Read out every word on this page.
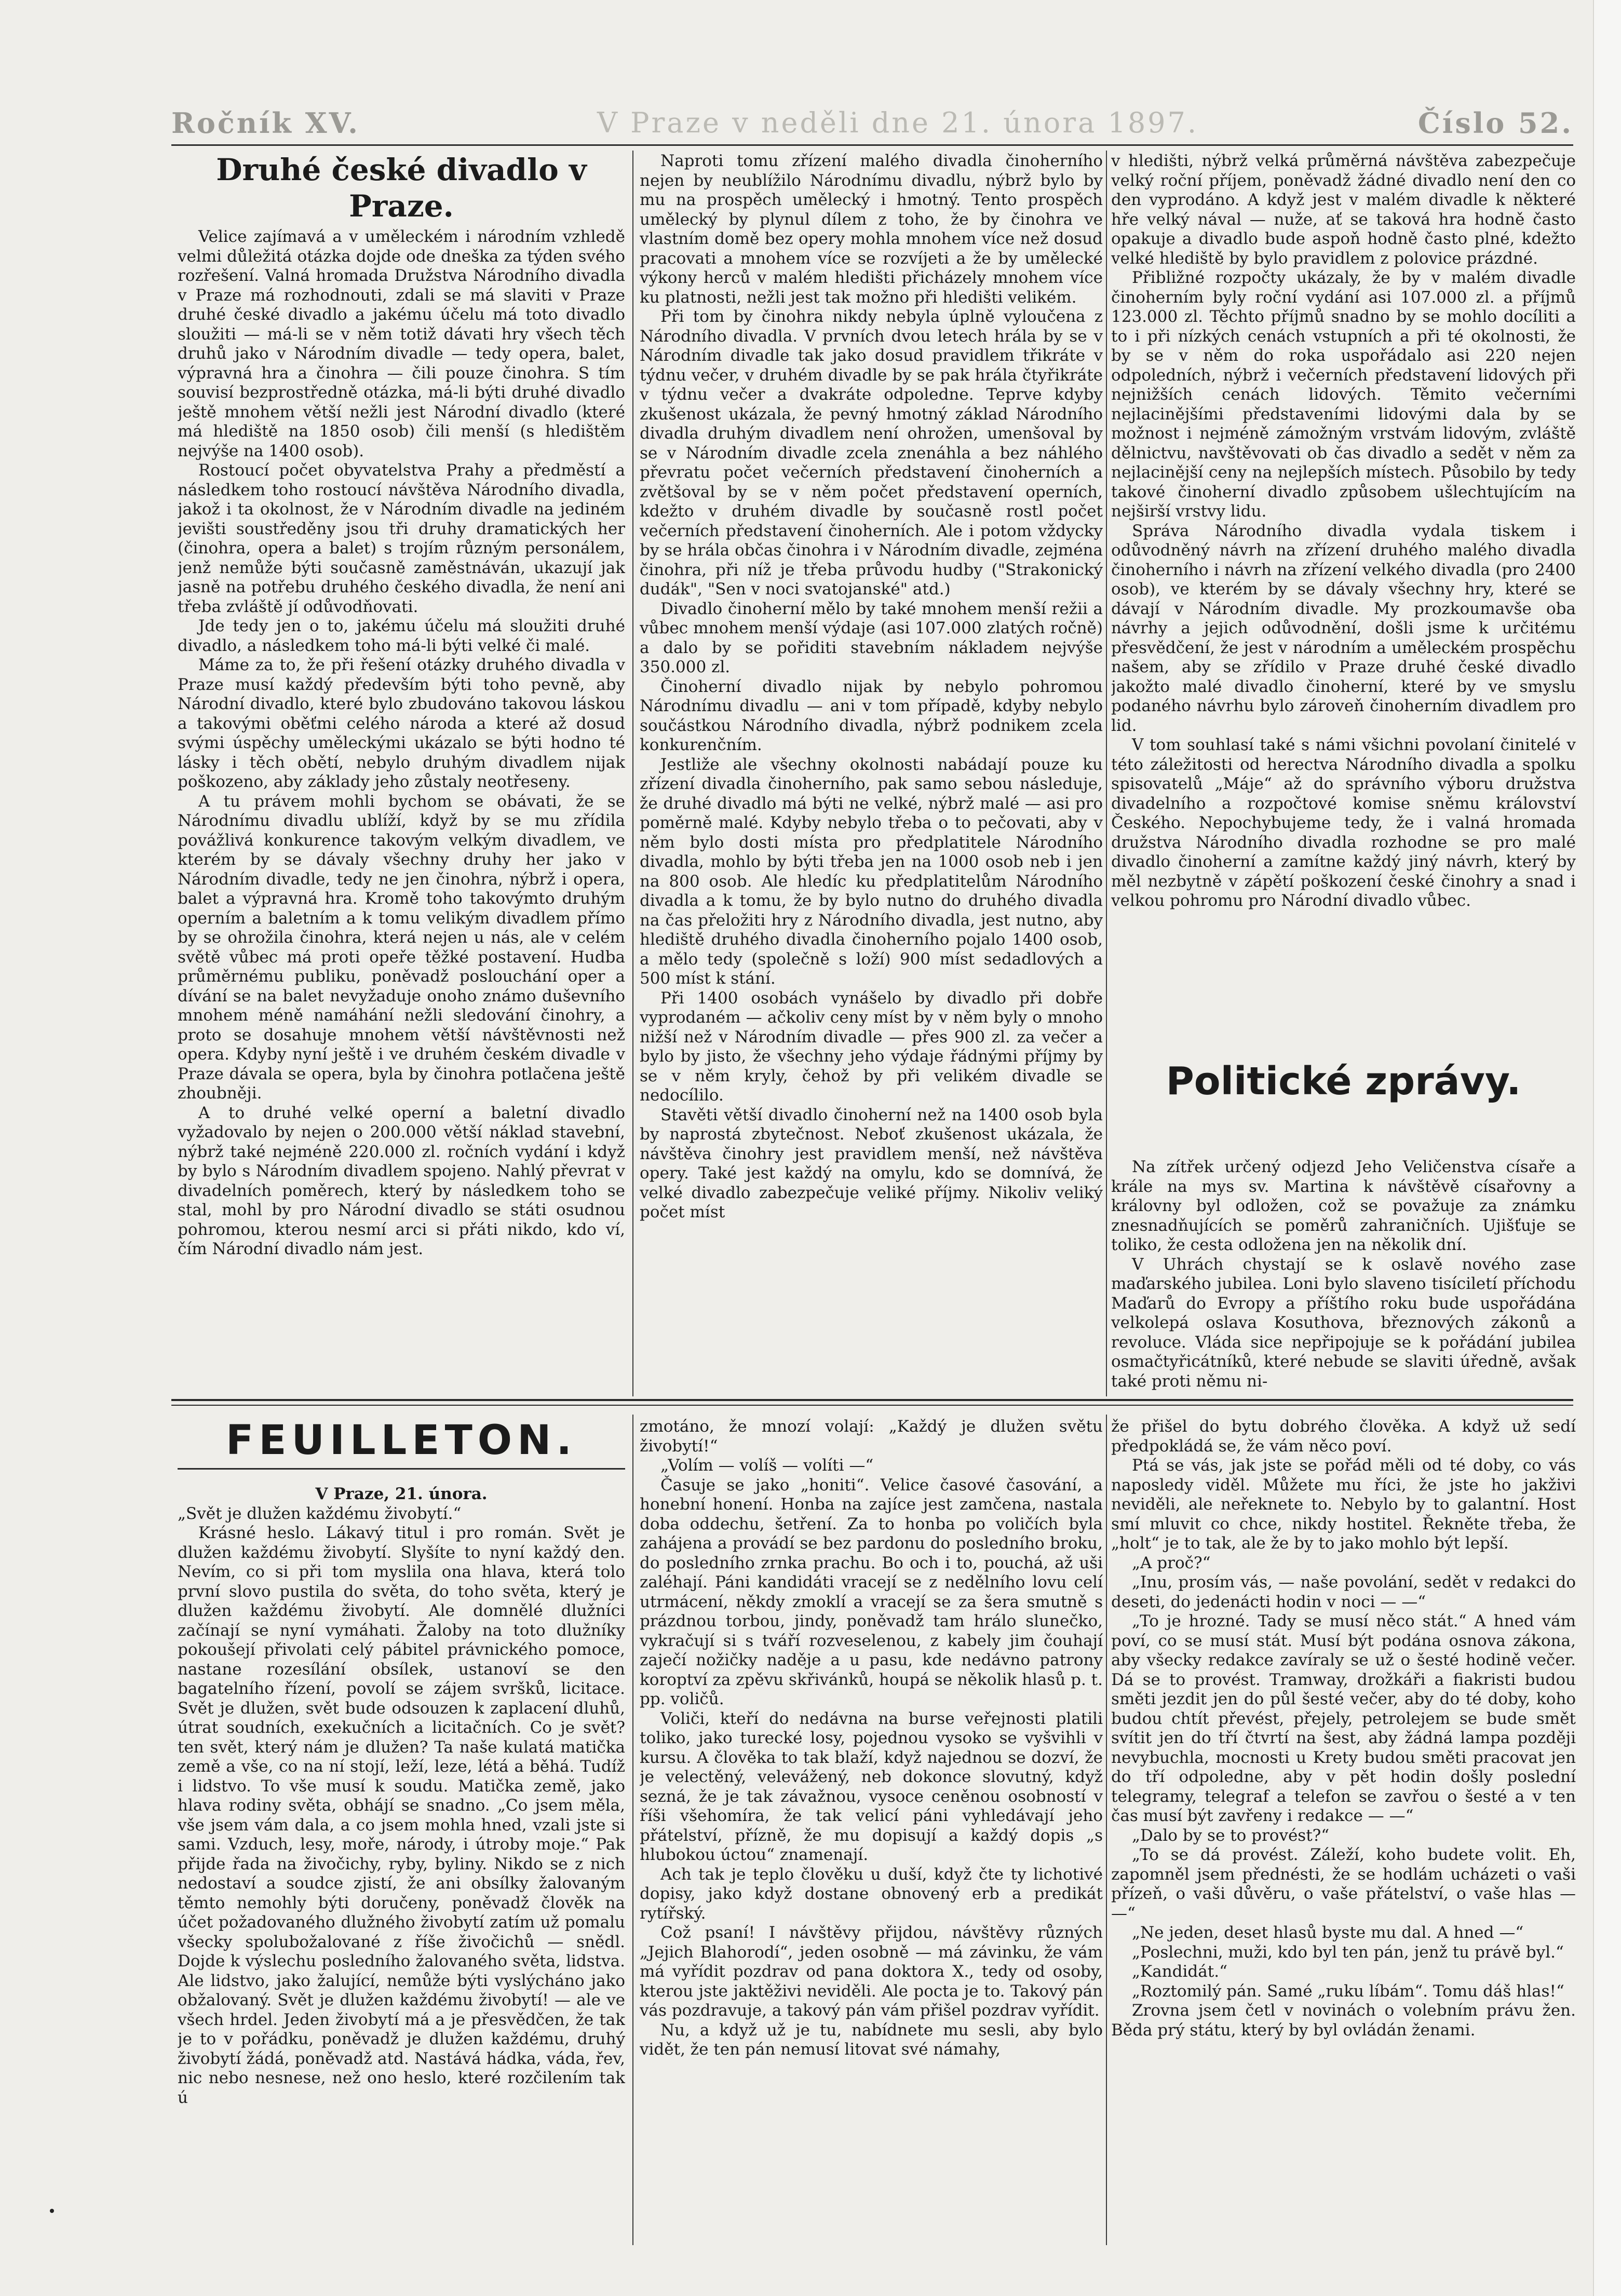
Ročník XV.	V Praze v neděli dne 21. února 1897.	Číslo 52.
Druhé české divadlo v Praze.

Velice zajímavá a v uměleckém i národním vzhledě velmi důležitá otázka dojde ode dneška za týden svého rozřešení. Valná hromada Družstva Národního divadla v Praze má rozhodnouti, zdali se má slaviti v Praze druhé české divadlo a jakému účelu má toto divadlo sloužiti — má-li se v něm totiž dávati hry všech těch druhů jako v Národním divadle — tedy opera, balet, výpravná hra a činohra — čili pouze činohra. S tím souvisí bezprostředně otázka, má-li býti druhé divadlo ještě mnohem větší nežli jest Národní divadlo (které má hlediště na 1850 osob) čili menší (s hledištěm nejvýše na 1400 osob).

Rostoucí počet obyvatelstva Prahy a předměstí a následkem toho rostoucí návštěva Národního divadla, jakož i ta okolnost, že v Národním divadle na jediném jevišti soustředěny jsou tři druhy dramatických her (činohra, opera a balet) s trojím různým personálem, jenž nemůže býti současně zaměstnáván, ukazují jak jasně na potřebu druhého českého divadla, že není ani třeba zvláště jí odůvodňovati.

Jde tedy jen o to, jakému účelu má sloužiti druhé divadlo, a následkem toho má-li býti velké či malé.

Máme za to, že při řešení otázky druhého divadla v Praze musí každý především býti toho pevně, aby Národní divadlo, které bylo zbudováno takovou láskou a takovými oběťmi celého národa a které až dosud svými úspěchy uměleckými ukázalo se býti hodno té lásky i těch obětí, nebylo druhým divadlem nijak poškozeno, aby základy jeho zůstaly neotřeseny.

A tu právem mohli bychom se obávati, že se Národnímu divadlu ublíží, když by se mu zřídila povážlivá konkurence takovým velkým divadlem, ve kterém by se dávaly všechny druhy her jako v Národním divadle, tedy ne jen činohra, nýbrž i opera, balet a výpravná hra. Kromě toho takovýmto druhým operním a baletním a k tomu velikým divadlem přímo by se ohrožila činohra, která nejen u nás, ale v celém světě vůbec má proti opeře těžké postavení. Hudba průměrnému publiku, poněvadž poslouchání oper a dívání se na balet nevyžaduje onoho známo duševního mnohem méně namáhání nežli sledování činohry, a proto se dosahuje mnohem větší návštěvnosti než opera. Kdyby nyní ještě i ve druhém českém divadle v Praze dávala se opera, byla by činohra potlačena ještě zhoubněji.

A to druhé velké operní a baletní divadlo vyžadovalo by nejen o 200.000 větší náklad stavební, nýbrž také nejméně 220.000 zl. ročních vydání i když by bylo s Národním divadlem spojeno. Nahlý převrat v divadelních poměrech, který by následkem toho se stal, mohl by pro Národní divadlo se státi osudnou pohromou, kterou nesmí arci si přáti nikdo, kdo ví, čím Národní divadlo nám jest.

Naproti tomu zřízení malého divadla činoherního nejen by neublížilo Národnímu divadlu, nýbrž bylo by mu na prospěch umělecký i hmotný. Tento prospěch umělecký by plynul dílem z toho, že by činohra ve vlastním domě bez opery mohla mnohem více než dosud pracovati a mnohem více se rozvíjeti a že by umělecké výkony herců v malém hledišti přicházely mnohem více ku platnosti, nežli jest tak možno při hledišti velikém.

Při tom by činohra nikdy nebyla úplně vyloučena z Národního divadla. V prvních dvou letech hrála by se v Národním divadle tak jako dosud pravidlem třikráte v týdnu večer, v druhém divadle by se pak hrála čtyřikráte v týdnu večer a dvakráte odpoledne. Teprve kdyby zkušenost ukázala, že pevný hmotný základ Národního divadla druhým divadlem není ohrožen, umenšoval by se v Národním divadle zcela znenáhla a bez náhlého převratu počet večerních představení činoherních a zvětšoval by se v něm počet představení operních, kdežto v druhém divadle by současně rostl počet večerních představení činoherních. Ale i potom vždycky by se hrála občas činohra i v Národním divadle, zejména činohra, při níž je třeba průvodu hudby ("Strakonický dudák", "Sen v noci svatojanské" atd.)

Divadlo činoherní mělo by také mnohem menší režii a vůbec mnohem menší výdaje (asi 107.000 zlatých ročně) a dalo by se pořiditi stavebním nákladem nejvýše 350.000 zl.

Činoherní divadlo nijak by nebylo pohromou Národnímu divadlu — ani v tom případě, kdyby nebylo součástkou Národního divadla, nýbrž podnikem zcela konkurenčním.

Jestliže ale všechny okolnosti nabádají pouze ku zřízení divadla činoherního, pak samo sebou následuje, že druhé divadlo má býti ne velké, nýbrž malé — asi pro poměrně malé. Kdyby nebylo třeba o to pečovati, aby v něm bylo dosti místa pro předplatitele Národního divadla, mohlo by býti třeba jen na 1000 osob neb i jen na 800 osob. Ale hledíc ku předplatitelům Národního divadla a k tomu, že by bylo nutno do druhého divadla na čas přeložiti hry z Národního divadla, jest nutno, aby hlediště druhého divadla činoherního pojalo 1400 osob, a mělo tedy (společně s loží) 900 míst sedadlových a 500 míst k stání.

Při 1400 osobách vynášelo by divadlo při dobře vyprodaném — ačkoliv ceny míst by v něm byly o mnoho nižší než v Národním divadle — přes 900 zl. za večer a bylo by jisto, že všechny jeho výdaje řádnými příjmy by se v něm kryly, čehož by při velikém divadle se nedocílilo.

Stavěti větší divadlo činoherní než na 1400 osob byla by naprostá zbytečnost. Neboť zkušenost ukázala, že návštěva činohry jest pravidlem menší, než návštěva opery. Také jest každý na omylu, kdo se domnívá, že velké divadlo zabezpečuje veliké příjmy. Nikoliv veliký počet míst

v hledišti, nýbrž velká průměrná návštěva zabezpečuje velký roční příjem, poněvadž žádné divadlo není den co den vyprodáno. A když jest v malém divadle k některé hře velký nával — nuže, ať se taková hra hodně často opakuje a divadlo bude aspoň hodně často plné, kdežto velké hlediště by bylo pravidlem z polovice prázdné.

Přibližné rozpočty ukázaly, že by v malém divadle činoherním byly roční vydání asi 107.000 zl. a příjmů 123.000 zl. Těchto příjmů snadno by se mohlo docíliti a to i při nízkých cenách vstupních a při té okolnosti, že by se v něm do roka uspořádalo asi 220 nejen odpoledních, nýbrž i večerních představení lidových při nejnižších cenách lidových. Těmito večerními nejlacinějšími představeními lidovými dala by se možnost i nejméně zámožným vrstvám lidovým, zvláště dělnictvu, navštěvovati ob čas divadlo a sedět v něm za nejlacinější ceny na nejlepších místech. Působilo by tedy takové činoherní divadlo způsobem ušlechtujícím na nejširší vrstvy lidu.

Správa Národního divadla vydala tiskem i odůvodněný návrh na zřízení druhého malého divadla činoherního i návrh na zřízení velkého divadla (pro 2400 osob), ve kterém by se dávaly všechny hry, které se dávají v Národním divadle. My prozkoumavše oba návrhy a jejich odůvodnění, došli jsme k určitému přesvědčení, že jest v národním a uměleckém prospěchu našem, aby se zřídilo v Praze druhé české divadlo jakožto malé divadlo činoherní, které by ve smyslu podaného návrhu bylo zároveň činoherním divadlem pro lid.

V tom souhlasí také s námi všichni povolaní činitelé v této záležitosti od herectva Národního divadla a spolku spisovatelů „Máje“ až do správního výboru družstva divadelního a rozpočtové komise sněmu království Českého. Nepochybujeme tedy, že i valná hromada družstva Národního divadla rozhodne se pro malé divadlo činoherní a zamítne každý jiný návrh, který by měl nezbytně v zápětí poškození české činohry a snad i velkou pohromu pro Národní divadlo vůbec.

Politické zprávy.

Na zítřek určený odjezd Jeho Veličenstva císaře a krále na mys sv. Martina k návštěvě císařovny a královny byl odložen, což se považuje za známku znesnadňujících se poměrů zahraničních. Ujišťuje se toliko, že cesta odložena jen na několik dní.

V Uhrách chystají se k oslavě nového zase maďarského jubilea. Loni bylo slaveno tisíciletí příchodu Maďarů do Evropy a příštího roku bude uspořádána velkolepá oslava Kosuthova, březnových zákonů a revoluce. Vláda sice nepřipojuje se k pořádání jubilea osmačtyřicátníků, které nebude se slaviti úředně, avšak také proti němu ni-

FEUILLETON.

V Praze, 21. února.

„Svět je dlužen každému živobytí.“

Krásné heslo. Lákavý titul i pro román. Svět je dlužen každému živobytí. Slyšíte to nyní každý den. Nevím, co si při tom myslila ona hlava, která tolo první slovo pustila do světa, do toho světa, který je dlužen každému živobytí. Ale domnělé dlužníci začínají se nyní vymáhati. Žaloby na toto dlužníky pokoušejí přivolati celý pábitel právnického pomoce, nastane rozesílání obsílek, ustanoví se den bagatelního řízení, povolí se zájem svršků, licitace. Svět je dlužen, svět bude odsouzen k zaplacení dluhů, útrat soudních, exekučních a licitačních. Co je svět? ten svět, který nám je dlužen? Ta naše kulatá matička země a vše, co na ní stojí, leží, leze, létá a běhá. Tudíž i lidstvo. To vše musí k soudu. Matička země, jako hlava rodiny světa, obhájí se snadno. „Co jsem měla, vše jsem vám dala, a co jsem mohla hned, vzali jste si sami. Vzduch, lesy, moře, národy, i útroby moje.“ Pak přijde řada na živočichy, ryby, byliny. Nikdo se z nich nedostaví a soudce zjistí, že ani obsílky žalovaným těmto nemohly býti doručeny, poněvadž člověk na účet požadovaného dlužného živobytí zatím už pomalu všecky spolubožalované z říše živočichů — snědl. Dojde k výslechu posledního žalovaného světa, lidstva. Ale lidstvo, jako žalující, nemůže býti vyslýcháno jako obžalovaný. Svět je dlužen každému živobytí! — ale ve všech hrdel. Jeden živobytí má a je přesvědčen, že tak je to v pořádku, poněvadž je dlužen každému, druhý živobytí žádá, poněvadž atd. Nastává hádka, váda, řev, nic nebo nesnese, než ono heslo, které rozčilením tak ú

zmotáno, že mnozí volají: „Každý je dlužen světu živobytí!“

„Volím — volíš — volíti —“

Časuje se jako „honiti“. Velice časové časování, a honební honení. Honba na zajíce jest zamčena, nastala doba oddechu, šetření. Za to honba po voličích byla zahájena a provádí se bez pardonu do posledního broku, do posledního zrnka prachu. Bo och i to, pouchá, až uši zaléhají. Páni kandidáti vracejí se z nedělního lovu celí utrmácení, někdy zmoklí a vracejí se za šera smutně s prázdnou torbou, jindy, poněvadž tam hrálo slunečko, vykračují si s tváří rozveselenou, z kabely jim čouhají zaječí nožičky naděje a u pasu, kde nedávno patrony koroptví za zpěvu skřivánků, houpá se několik hlasů p. t. pp. voličů.

Voliči, kteří do nedávna na burse veřejnosti platili toliko, jako turecké losy, pojednou vysoko se vyšvihli v kursu. A člověka to tak blaží, když najednou se dozví, že je velectěný, velevážený, neb dokonce slovutný, když sezná, že je tak závažnou, vysoce ceněnou osobností v říši všehomíra, že tak velicí páni vyhledávají jeho přátelství, přízně, že mu dopisují a každý dopis „s hlubokou úctou“ znamenají.

Ach tak je teplo člověku u duší, když čte ty lichotivé dopisy, jako když dostane obnovený erb a predikát rytířský.

Což psaní! I návštěvy přijdou, návštěvy různých „Jejich Blahorodí“, jeden osobně — má závinku, že vám má vyřídit pozdrav od pana doktora X., tedy od osoby, kterou jste jaktěživi neviděli. Ale pocta je to. Takový pán vás pozdravuje, a takový pán vám přišel pozdrav vyřídit.

Nu, a když už je tu, nabídnete mu sesli, aby bylo vidět, že ten pán nemusí litovat své námahy,

že přišel do bytu dobrého člověka. A když už sedí předpokládá se, že vám něco poví.

Ptá se vás, jak jste se pořád měli od té doby, co vás naposledy viděl. Můžete mu říci, že jste ho jakživi neviděli, ale neřeknete to. Nebylo by to galantní. Host smí mluvit co chce, nikdy hostitel. Řekněte třeba, že „holt“ je to tak, ale že by to jako mohlo být lepší.

„A proč?“

„Inu, prosím vás, — naše povolání, sedět v redakci do deseti, do jedenácti hodin v noci — —“

„To je hrozné. Tady se musí něco stát.“ A hned vám poví, co se musí stát. Musí být podána osnova zákona, aby všecky redakce zavíraly se už o šesté hodině večer. Dá se to provést. Tramway, drožkáři a fiakristi budou směti jezdit jen do půl šesté večer, aby do té doby, koho budou chtít převést, přejely, petrolejem se bude smět svítit jen do tří čtvrtí na šest, aby žádná lampa později nevybuchla, mocnosti u Krety budou směti pracovat jen do tří odpoledne, aby v pět hodin došly poslední telegramy, telegraf a telefon se zavřou o šesté a v ten čas musí být zavřeny i redakce — —“

„Dalo by se to provést?“

„To se dá provést. Záleží, koho budete volit. Eh, zapomněl jsem přednésti, že se hodlám ucházeti o vaši přízeň, o vaši důvěru, o vaše přátelství, o vaše hlas — —“

„Ne jeden, deset hlasů byste mu dal. A hned —“

„Poslechni, muži, kdo byl ten pán, jenž tu právě byl.“

„Kandidát.“

„Roztomilý pán. Samé „ruku líbám“. Tomu dáš hlas!“

Zrovna jsem četl v novinách o volebním právu žen. Běda prý státu, který by byl ovládán ženami.
